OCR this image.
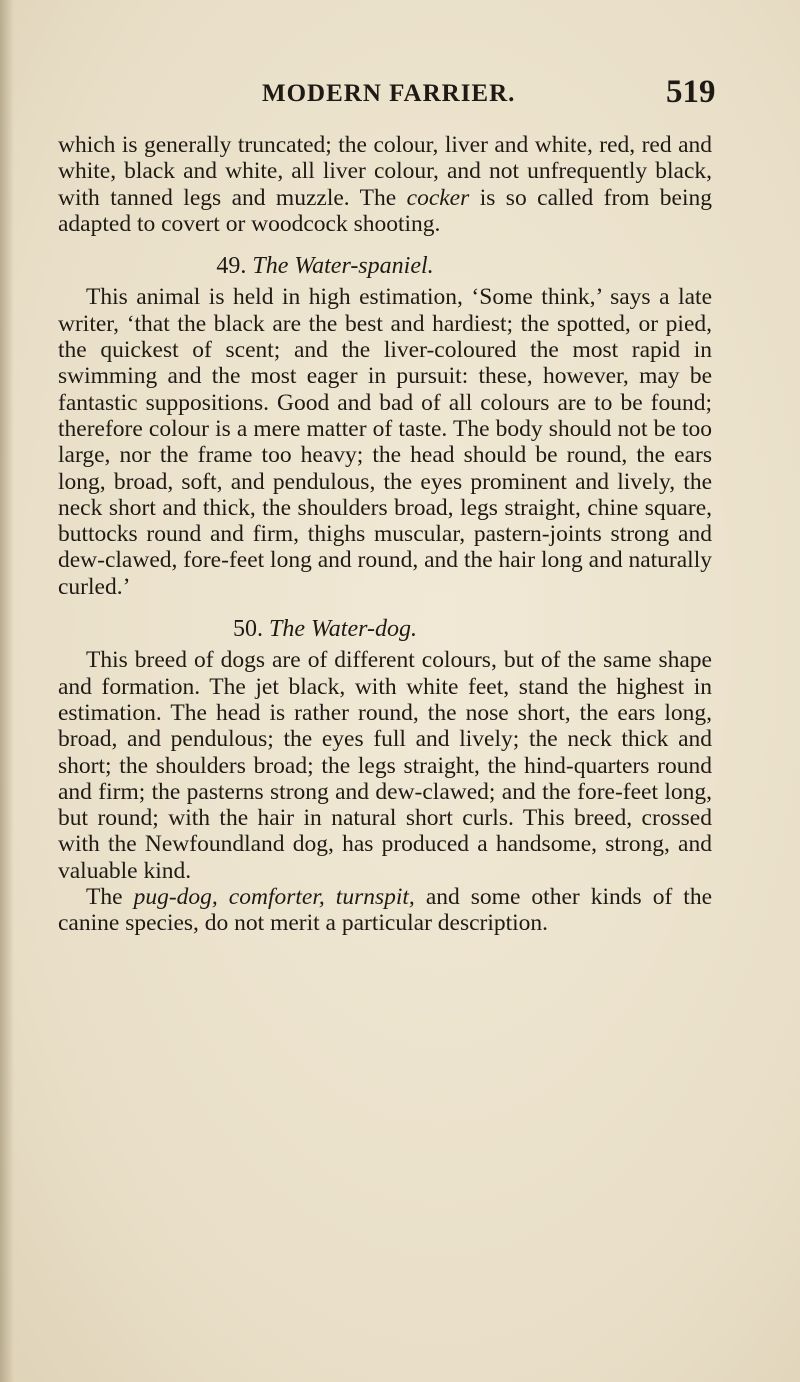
MODERN FARRIER.	519

which is generally truncated; the colour, liver and white, red, red and white, black and white, all liver colour, and not unfrequently black, with tanned legs and muzzle. The cocker is so called from being adapted to covert or woodcock shooting.

49. The Water-spaniel.

This animal is held in high estimation, ‘Some think,’ says a late writer, ‘that the black are the best and hardiest; the spotted, or pied, the quickest of scent; and the liver-coloured the most rapid in swimming and the most eager in pursuit: these, however, may be fantastic suppositions. Good and bad of all colours are to be found; therefore colour is a mere matter of taste. The body should not be too large, nor the frame too heavy; the head should be round, the ears long, broad, soft, and pendulous, the eyes prominent and lively, the neck short and thick, the shoulders broad, legs straight, chine square, buttocks round and firm, thighs muscular, pastern-joints strong and dew-clawed, fore-feet long and round, and the hair long and naturally curled.’

50. The Water-dog.

This breed of dogs are of different colours, but of the same shape and formation. The jet black, with white feet, stand the highest in estimation. The head is rather round, the nose short, the ears long, broad, and pendulous; the eyes full and lively; the neck thick and short; the shoulders broad; the legs straight, the hind-quarters round and firm; the pasterns strong and dew-clawed; and the fore-feet long, but round; with the hair in natural short curls. This breed, crossed with the Newfoundland dog, has produced a handsome, strong, and valuable kind.

The pug-dog, comforter, turnspit, and some other kinds of the canine species, do not merit a particular description.
